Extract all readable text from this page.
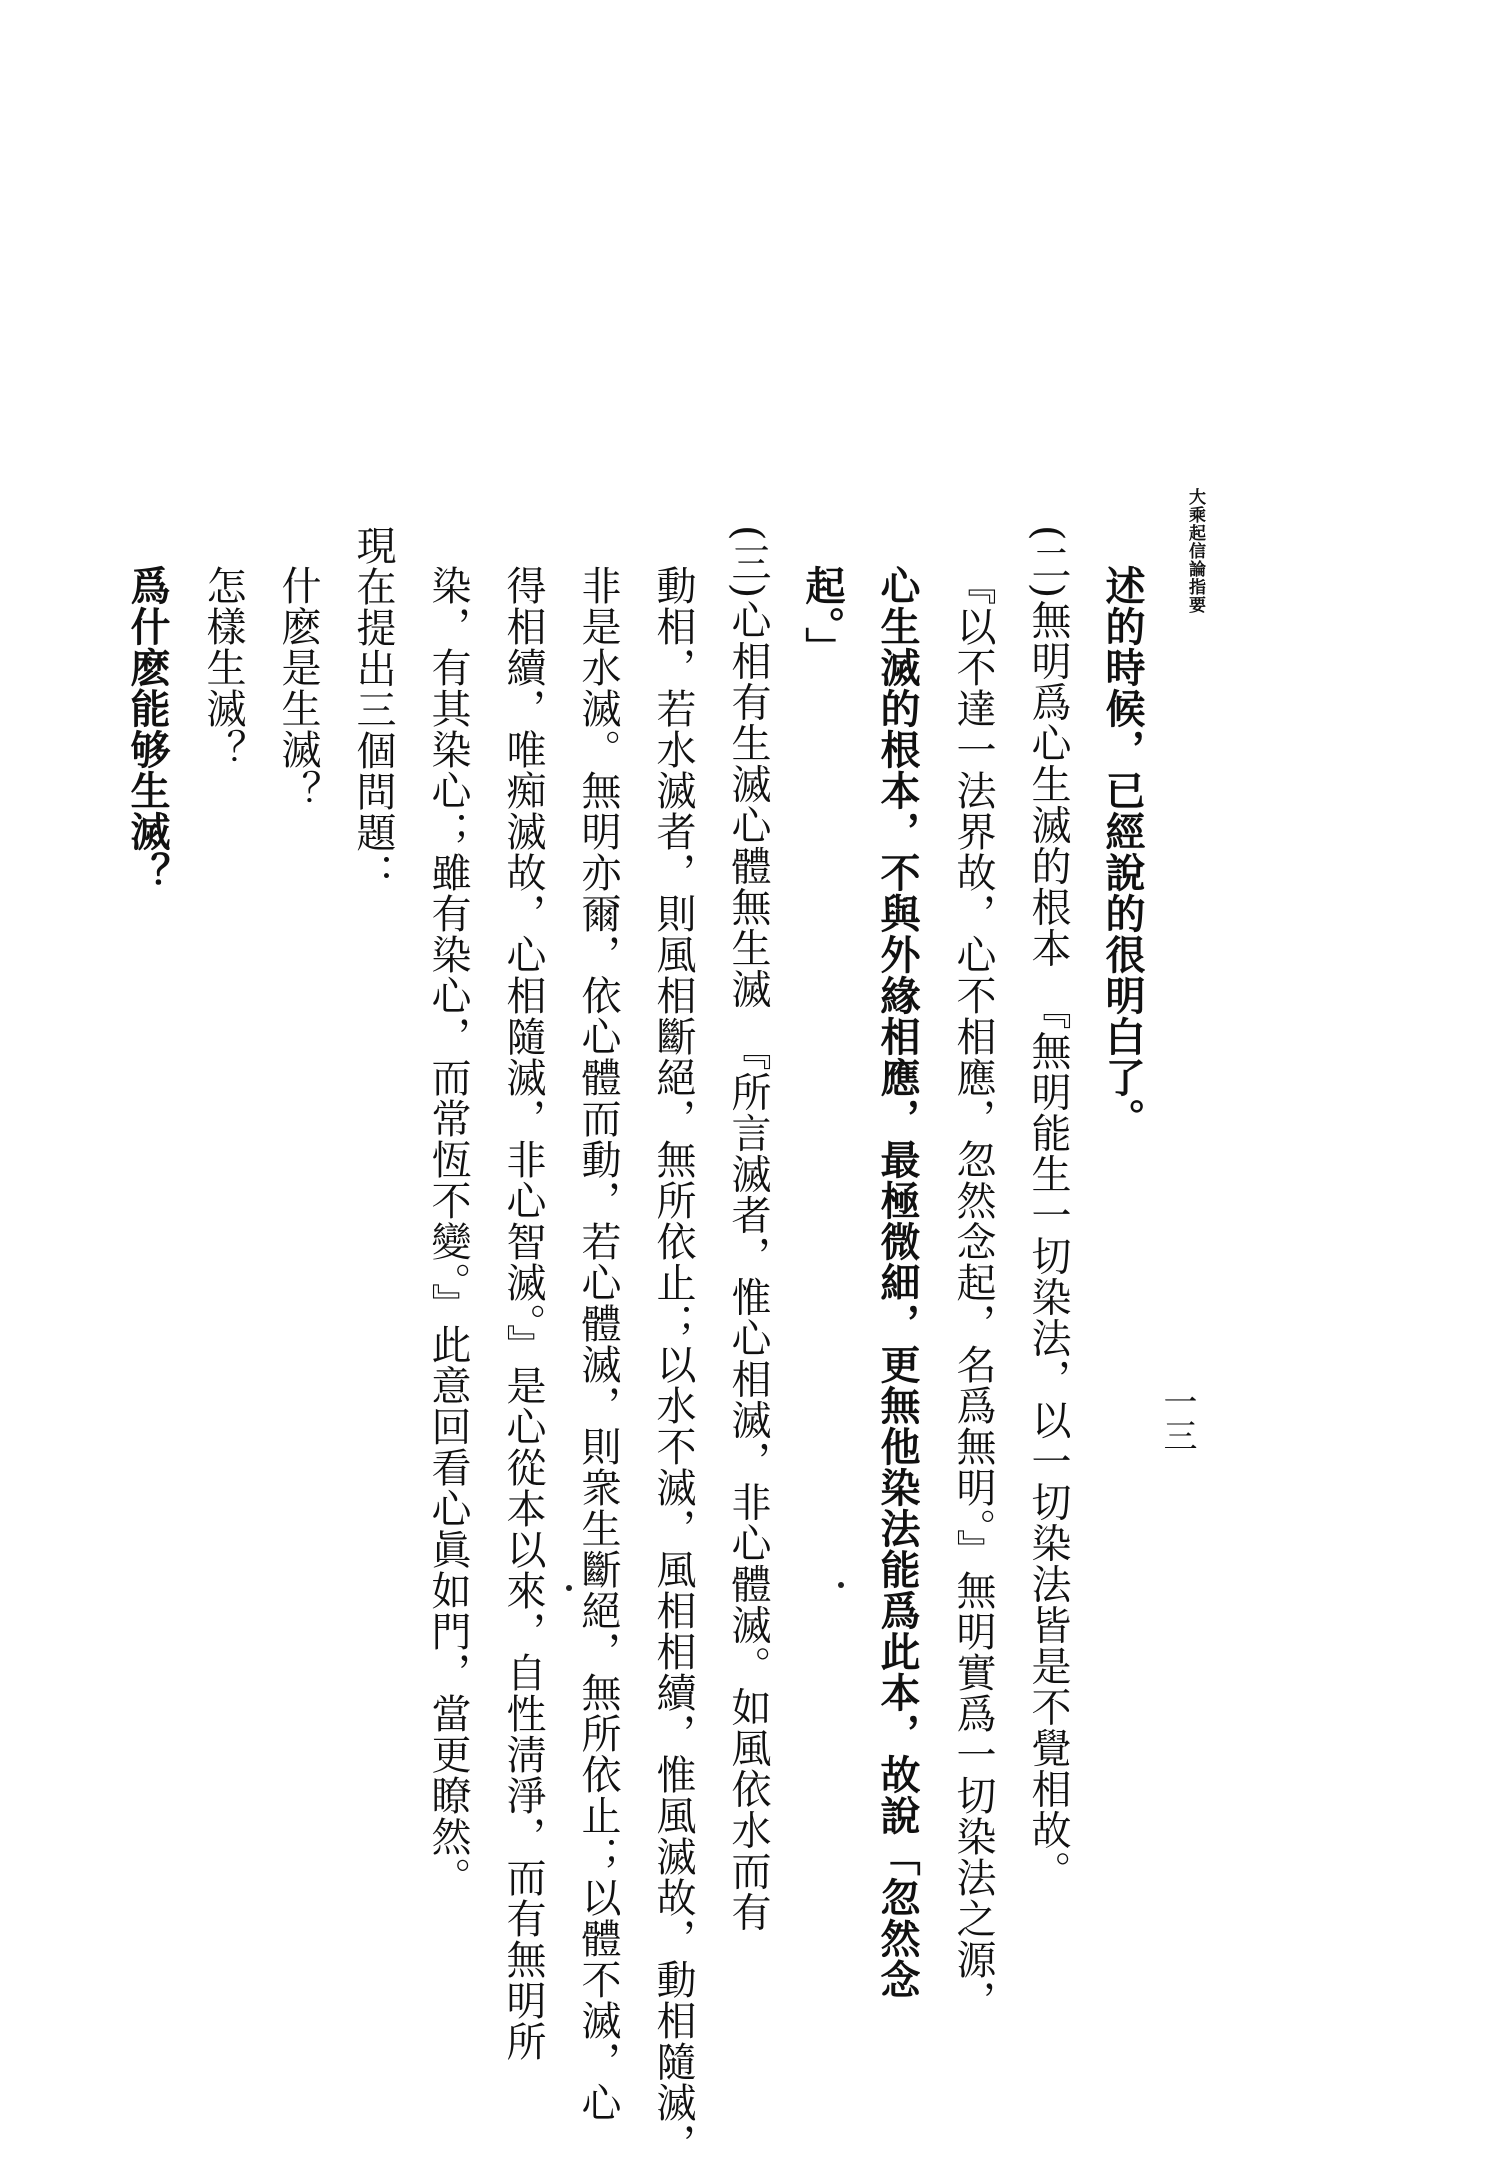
大乘起信論指要
一三

述的時候，已經說的很明白了。

(二)無明爲心生滅的根本　『無明能生一切染法，以一切染法皆是不覺相故。

『以不達一法界故，心不相應，忽然念起，名爲無明。』無明實爲一切染法之源，

心生滅的根本，不與外緣相應，最極微細，更無他染法能爲此本，故說「忽然念

起。」

(三)心相有生滅心體無生滅　『所言滅者，惟心相滅，非心體滅。如風依水而有

動相，若水滅者，則風相斷絕，無所依止；以水不滅，風相相續，惟風滅故，動相隨滅，

非是水滅。無明亦爾，依心體而動，若心體滅，則衆生斷絕，無所依止；以體不滅，心

得相續，唯痴滅故，心相隨滅，非心智滅。』是心從本以來，自性淸淨，而有無明所

染，有其染心；雖有染心，而常恆不變。』此意回看心眞如門，當更瞭然。

現在提出三個問題：

什麽是生滅？

怎樣生滅？

爲什麽能够生滅？
